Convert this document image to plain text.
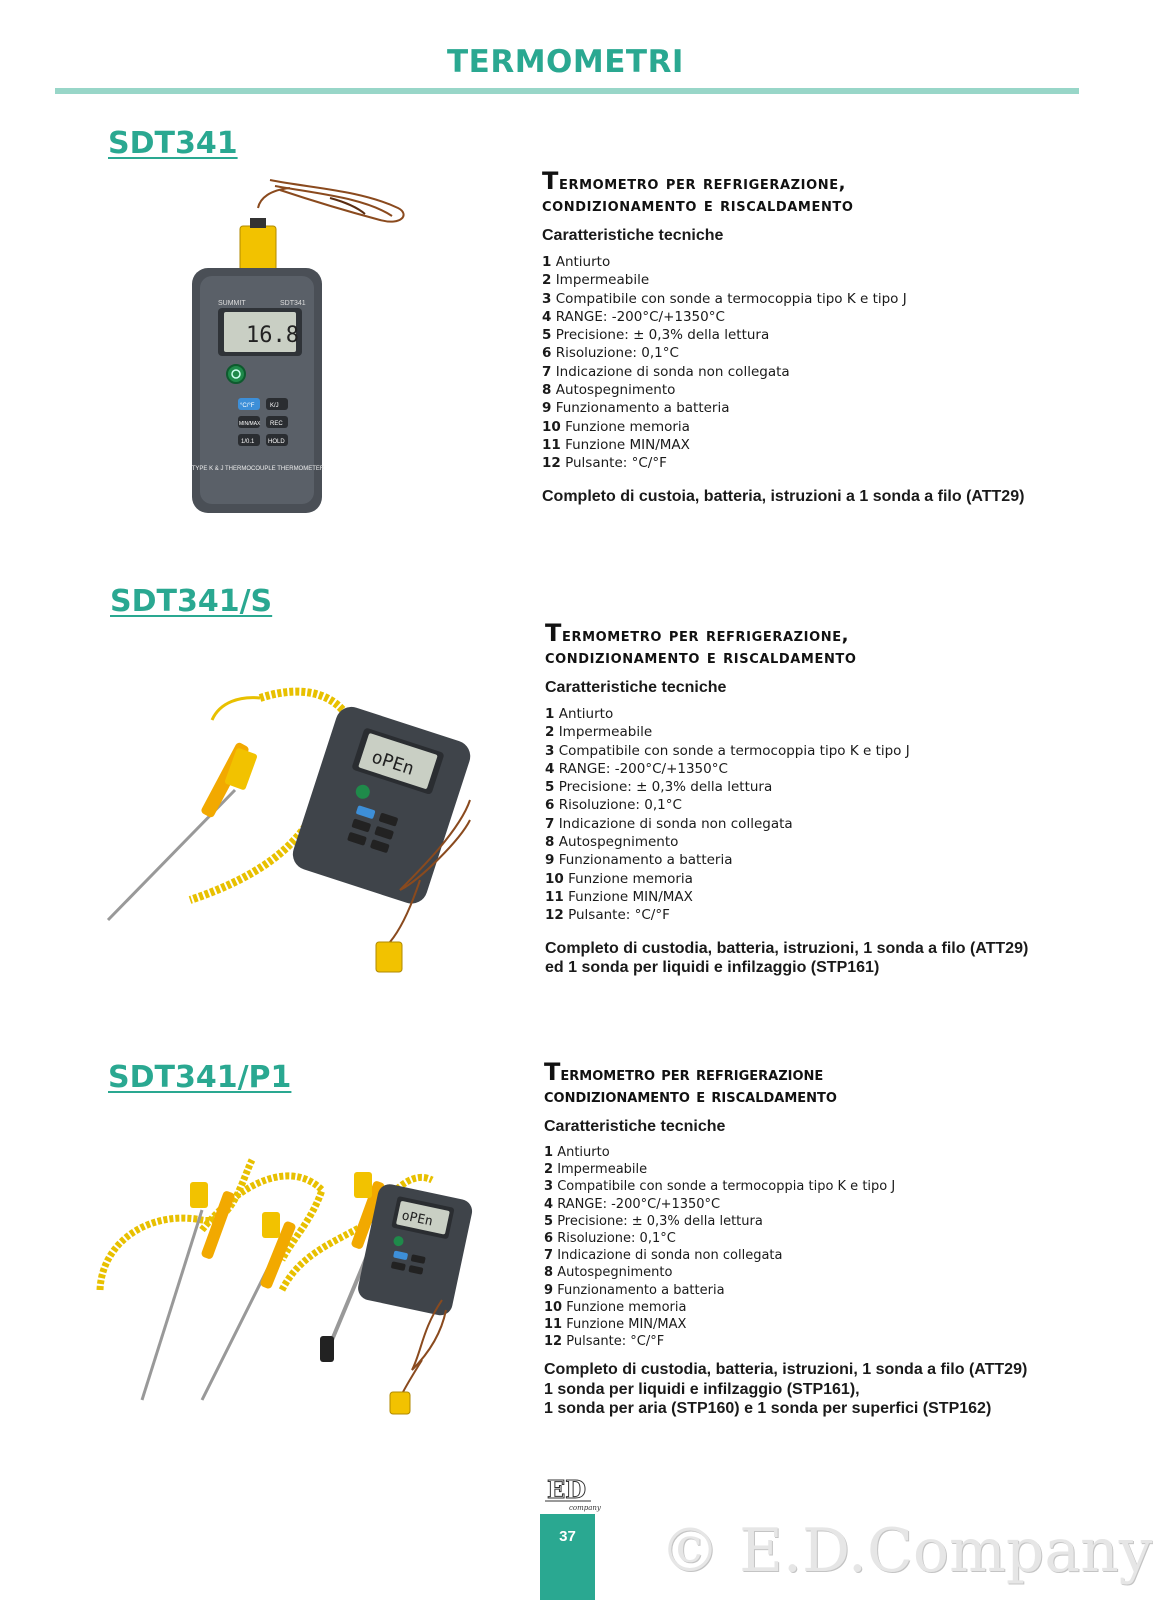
TERMOMETRI
SDT341
SUMMIT	SDT341
16.8
°C/°F	K/J
MIN/MAX REC
1/0.1 HOLD
TYPE K & J THERMOCOUPLE THERMOMETER
Termometro per refrigerazione,
condizionamento e riscaldamento
Caratteristiche tecniche
1 Antiurto
2 Impermeabile
3 Compatibile con sonde a termocoppia tipo K e tipo J
4 RANGE: -200°C/+1350°C
5 Precisione: ± 0,3% della lettura
6 Risoluzione: 0,1°C
7 Indicazione di sonda non collegata
8 Autospegnimento
9 Funzionamento a batteria
10 Funzione memoria
11 Funzione MIN/MAX
12 Pulsante: °C/°F
Completo di custoia, batteria, istruzioni a 1 sonda a filo (ATT29)
SDT341/S
oPEn
Termometro per refrigerazione,
condizionamento e riscaldamento
Caratteristiche tecniche
1 Antiurto
2 Impermeabile
3 Compatibile con sonde a termocoppia tipo K e tipo J
4 RANGE: -200°C/+1350°C
5 Precisione: ± 0,3% della lettura
6 Risoluzione: 0,1°C
7 Indicazione di sonda non collegata
8 Autospegnimento
9 Funzionamento a batteria
10 Funzione memoria
11 Funzione MIN/MAX
12 Pulsante: °C/°F
Completo di custodia, batteria, istruzioni, 1 sonda a filo (ATT29)
ed 1 sonda per liquidi e infilzaggio (STP161)
SDT341/P1
oPEn
Termometro per refrigerazione
condizionamento e riscaldamento
Caratteristiche tecniche
1 Antiurto
2 Impermeabile
3 Compatibile con sonde a termocoppia tipo K e tipo J
4 RANGE: -200°C/+1350°C
5 Precisione: ± 0,3% della lettura
6 Risoluzione: 0,1°C
7 Indicazione di sonda non collegata
8 Autospegnimento
9 Funzionamento a batteria
10 Funzione memoria
11 Funzione MIN/MAX
12 Pulsante: °C/°F
Completo di custodia, batteria, istruzioni, 1 sonda a filo (ATT29)
1 sonda per liquidi e infilzaggio (STP161),
1 sonda per aria (STP160) e 1 sonda per superfici (STP162)
ED
company
37	© E.D.Company
